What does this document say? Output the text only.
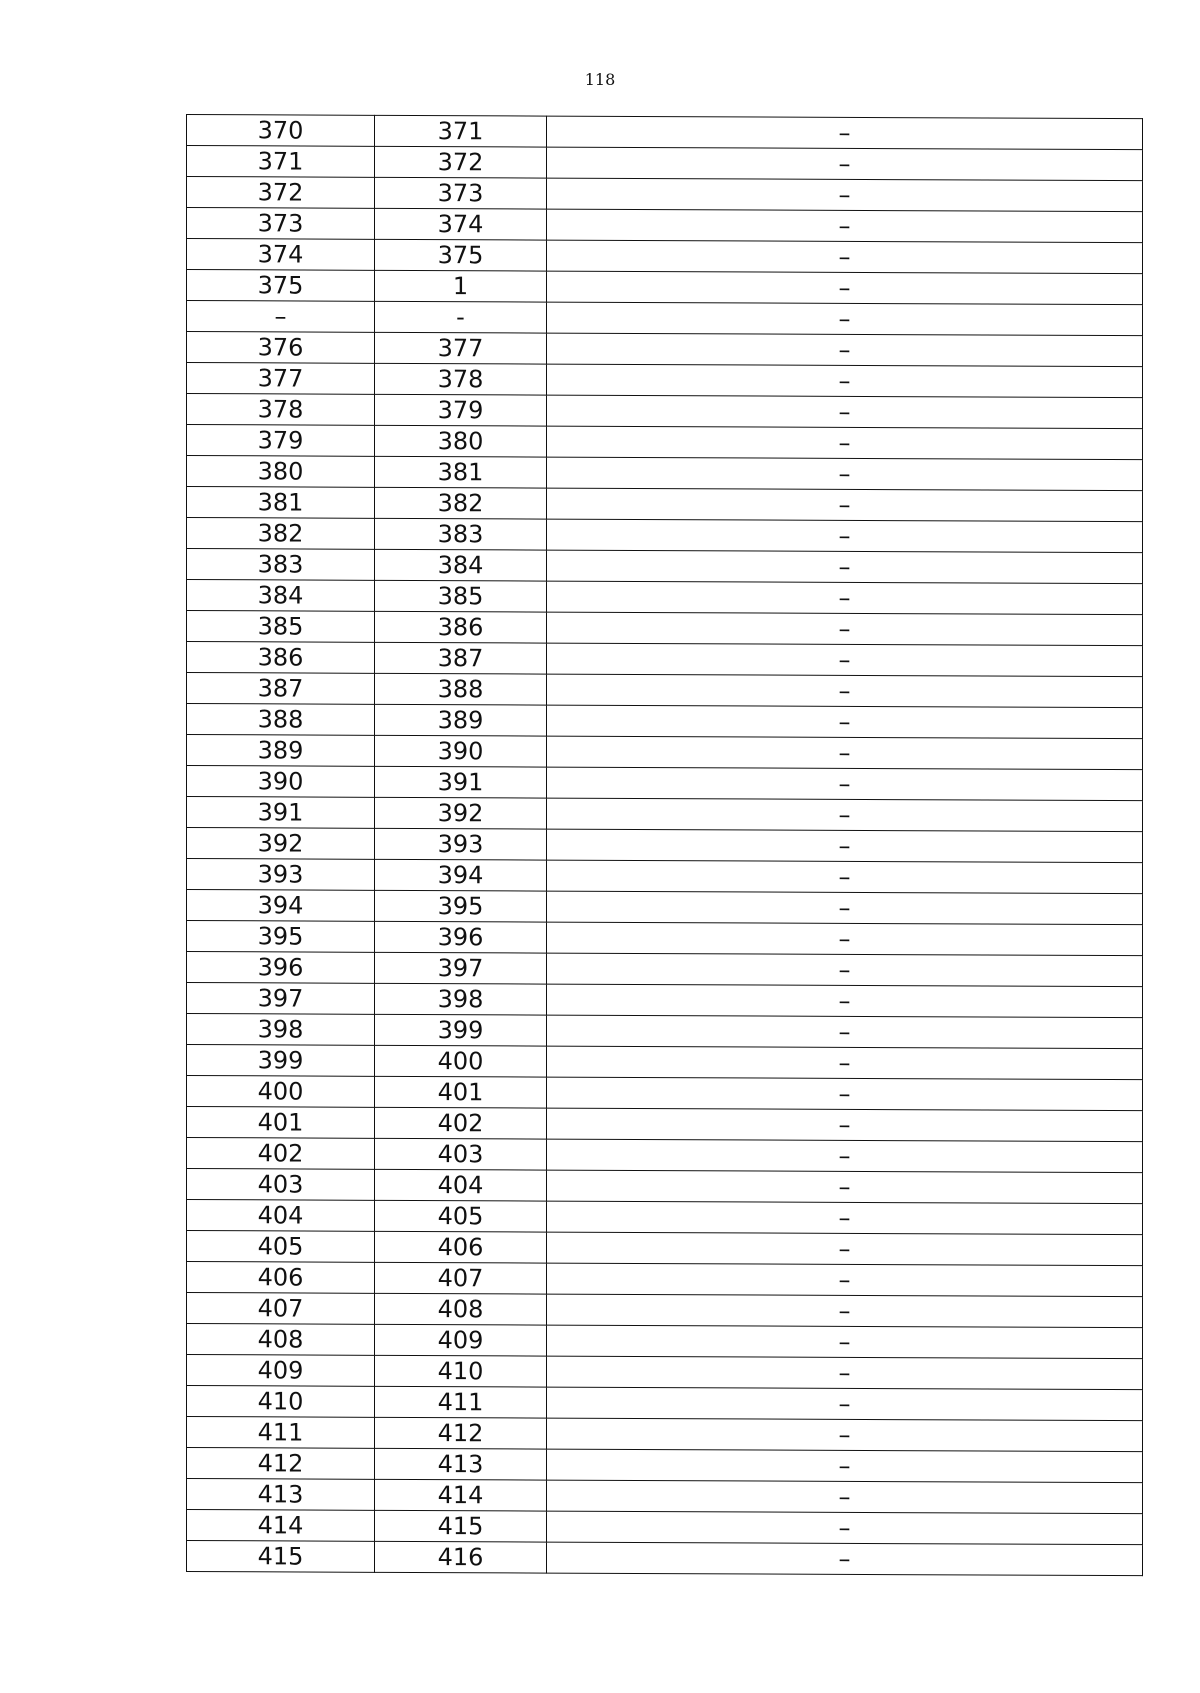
118
370	371	–
371	372	–
372	373	–
373	374	–
374	375	–
375	1	–
–	-	–
376	377	–
377	378	–
378	379	–
379	380	–
380	381	–
381	382	–
382	383	–
383	384	–
384	385	–
385	386	–
386	387	–
387	388	–
388	389	–
389	390	–
390	391	–
391	392	–
392	393	–
393	394	–
394	395	–
395	396	–
396	397	–
397	398	–
398	399	–
399	400	–
400	401	–
401	402	–
402	403	–
403	404	–
404	405	–
405	406	–
406	407	–
407	408	–
408	409	–
409	410	–
410	411	–
411	412	–
412	413	–
413	414	–
414	415	–
415	416	–
